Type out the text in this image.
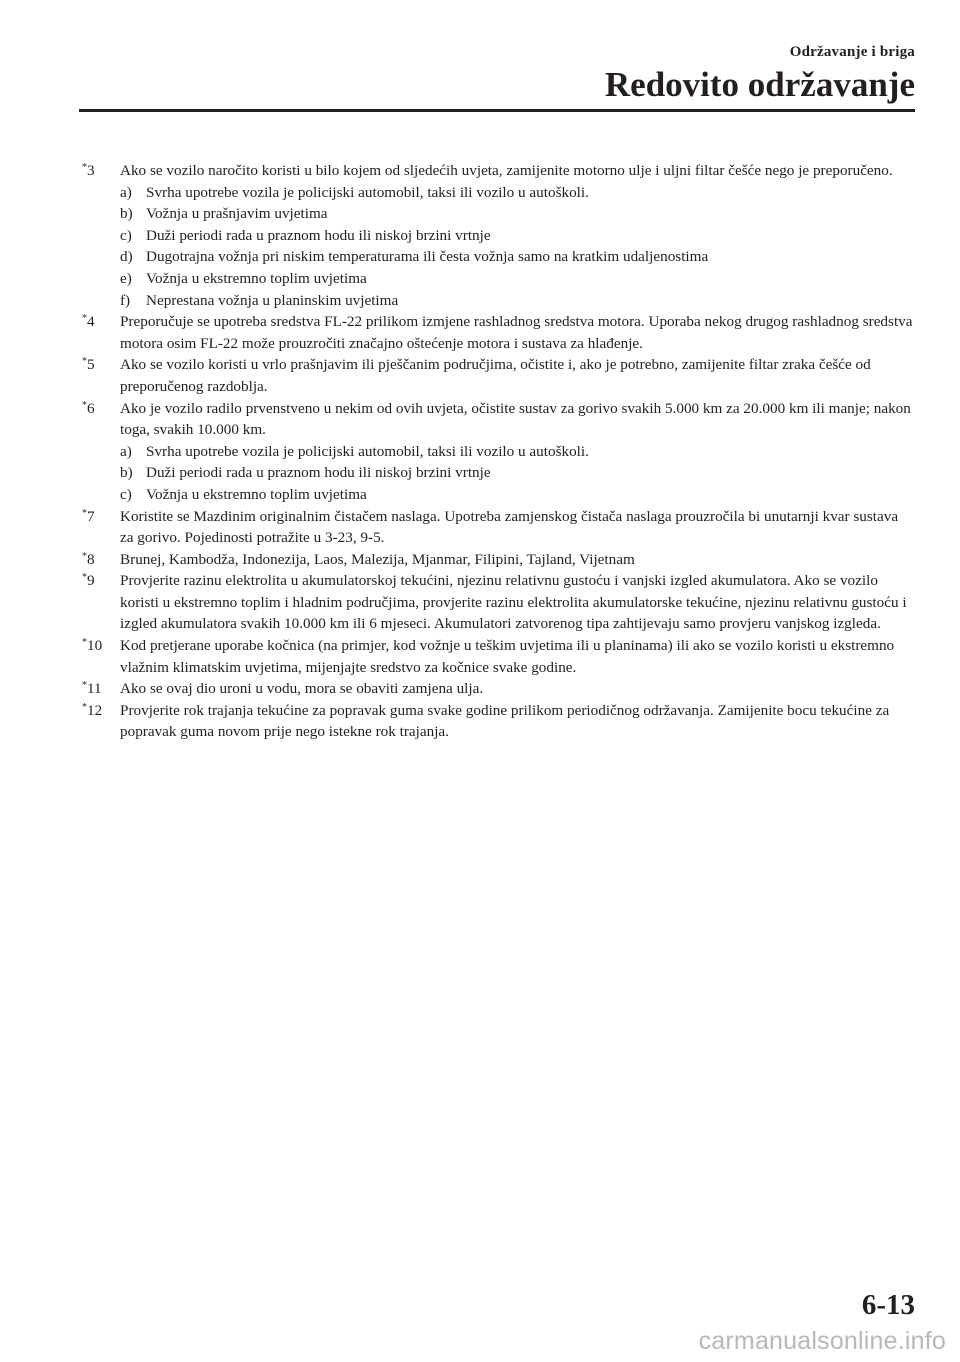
Održavanje i briga
Redovito održavanje
*3 Ako se vozilo naročito koristi u bilo kojem od sljedećih uvjeta, zamijenite motorno ulje i uljni filtar češće nego je preporučeno.
a) Svrha upotrebe vozila je policijski automobil, taksi ili vozilo u autoškoli.
b) Vožnja u prašnjavim uvjetima
c) Duži periodi rada u praznom hodu ili niskoj brzini vrtnje
d) Dugotrajna vožnja pri niskim temperaturama ili česta vožnja samo na kratkim udaljenostima
e) Vožnja u ekstremno toplim uvjetima
f) Neprestana vožnja u planinskim uvjetima
*4 Preporučuje se upotreba sredstva FL-22 prilikom izmjene rashladnog sredstva motora. Uporaba nekog drugog rashladnog sredstva motora osim FL-22 može prouzročiti značajno oštećenje motora i sustava za hlađenje.
*5 Ako se vozilo koristi u vrlo prašnjavim ili pješčanim područjima, očistite i, ako je potrebno, zamijenite filtar zraka češće od preporučenog razdoblja.
*6 Ako je vozilo radilo prvenstveno u nekim od ovih uvjeta, očistite sustav za gorivo svakih 5.000 km za 20.000 km ili manje; nakon toga, svakih 10.000 km.
a) Svrha upotrebe vozila je policijski automobil, taksi ili vozilo u autoškoli.
b) Duži periodi rada u praznom hodu ili niskoj brzini vrtnje
c) Vožnja u ekstremno toplim uvjetima
*7 Koristite se Mazdinim originalnim čistačem naslaga. Upotreba zamjenskog čistača naslaga prouzročila bi unutarnji kvar sustava za gorivo. Pojedinosti potražite u 3-23, 9-5.
*8 Brunej, Kambodža, Indonezija, Laos, Malezija, Mjanmar, Filipini, Tajland, Vijetnam
*9 Provjerite razinu elektrolita u akumulatorskoj tekućini, njezinu relativnu gustoću i vanjski izgled akumulatora. Ako se vozilo koristi u ekstremno toplim i hladnim područjima, provjerite razinu elektrolita akumulatorske tekućine, njezinu relativnu gustoću i izgled akumulatora svakih 10.000 km ili 6 mjeseci. Akumulatori zatvorenog tipa zahtijevaju samo provjeru vanjskog izgleda.
*10 Kod pretjerane uporabe kočnica (na primjer, kod vožnje u teškim uvjetima ili u planinama) ili ako se vozilo koristi u ekstremno vlažnim klimatskim uvjetima, mijenjajte sredstvo za kočnice svake godine.
*11 Ako se ovaj dio uroni u vodu, mora se obaviti zamjena ulja.
*12 Provjerite rok trajanja tekućine za popravak guma svake godine prilikom periodičnog održavanja. Zamijenite bocu tekućine za popravak guma novom prije nego istekne rok trajanja.
6-13
carmanualsonline.info
